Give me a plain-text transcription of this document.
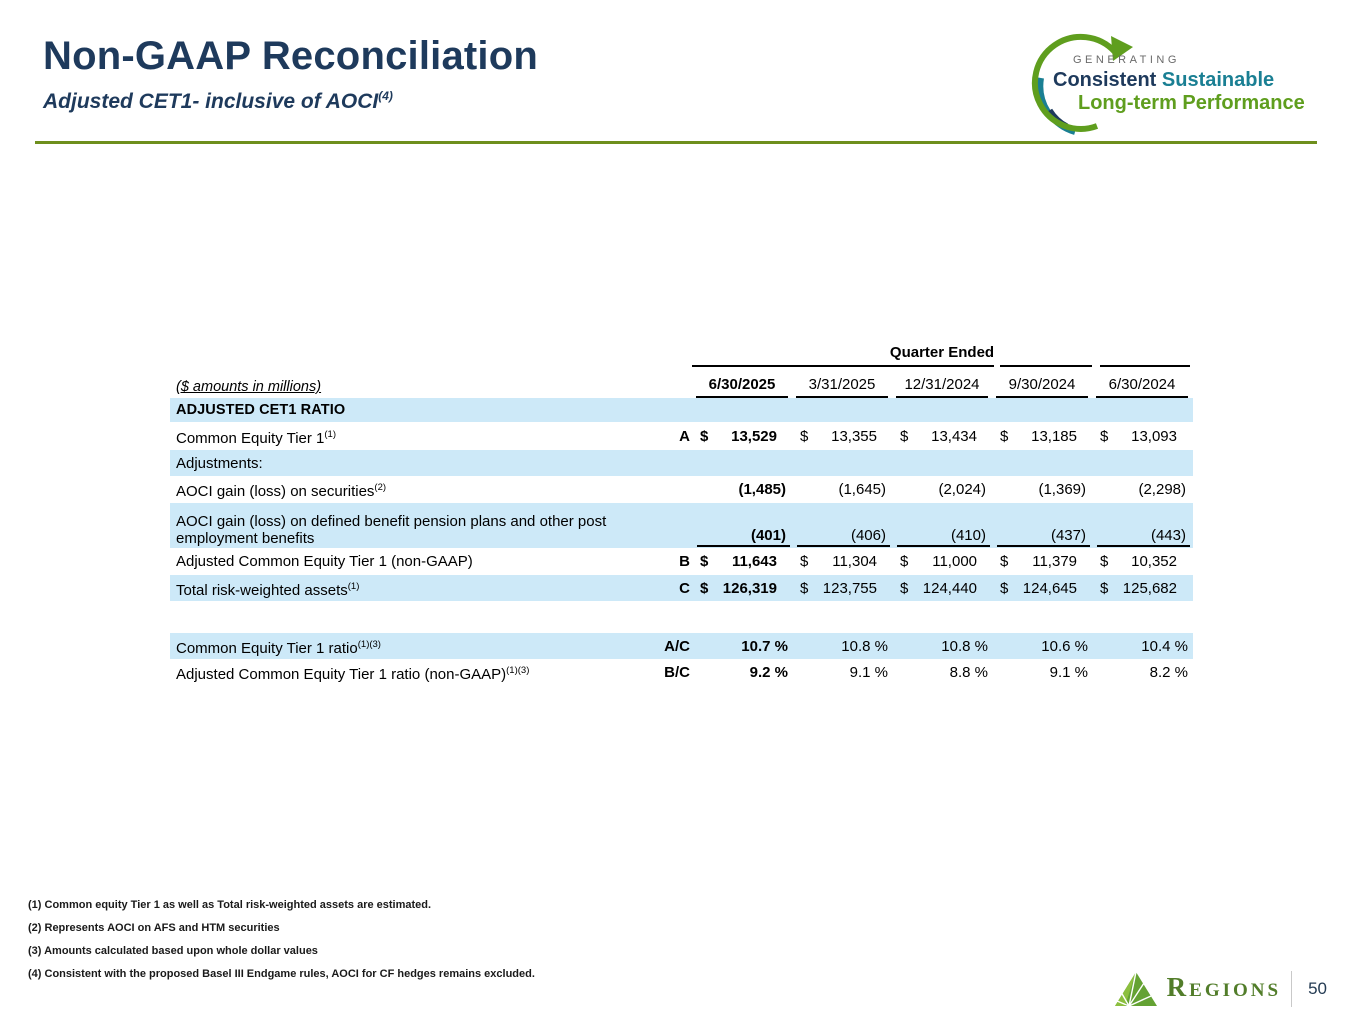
Non-GAAP Reconciliation
Adjusted CET1- inclusive of AOCI$^{(4)}$
GENERATING
Consistent Sustainable
Long-term Performance
Quarter Ended
($ amounts in millions)	6/30/2025	3/31/2025	12/31/2024	9/30/2024	6/30/2024
ADJUSTED CET1 RATIO
Common Equity Tier 1$^{(1)}$	A $ 13,529	$ 13,355	$ 13,434	$ 13,185	$ 13,093
Adjustments:
AOCI gain (loss) on securities$^{(2)}$	(1,485)	(1,645)	(2,024)	(1,369)	(2,298)
AOCI gain (loss) on defined benefit pension plans and other post employment benefits	(401)	(406)	(410)	(437)	(443)
Adjusted Common Equity Tier 1 (non-GAAP)	B $ 11,643	$ 11,304	$ 11,000	$ 11,379	$ 10,352
Total risk-weighted assets$^{(1)}$	C $ 126,319	$ 123,755	$ 124,440	$ 124,645	$ 125,682
Common Equity Tier 1 ratio$^{(1)(3)}$	A/C	10.7 %	10.8 %	10.8 %	10.6 %	10.4 %
Adjusted Common Equity Tier 1 ratio (non-GAAP)$^{(1)(3)}$	B/C	9.2 %	9.1 %	8.8 %	9.1 %	8.2 %
(1) Common equity Tier 1 as well as Total risk-weighted assets are estimated.
(2) Represents AOCI on AFS and HTM securities
(3) Amounts calculated based upon whole dollar values
(4) Consistent with the proposed Basel III Endgame rules, AOCI for CF hedges remains excluded.	REGIONS 50
